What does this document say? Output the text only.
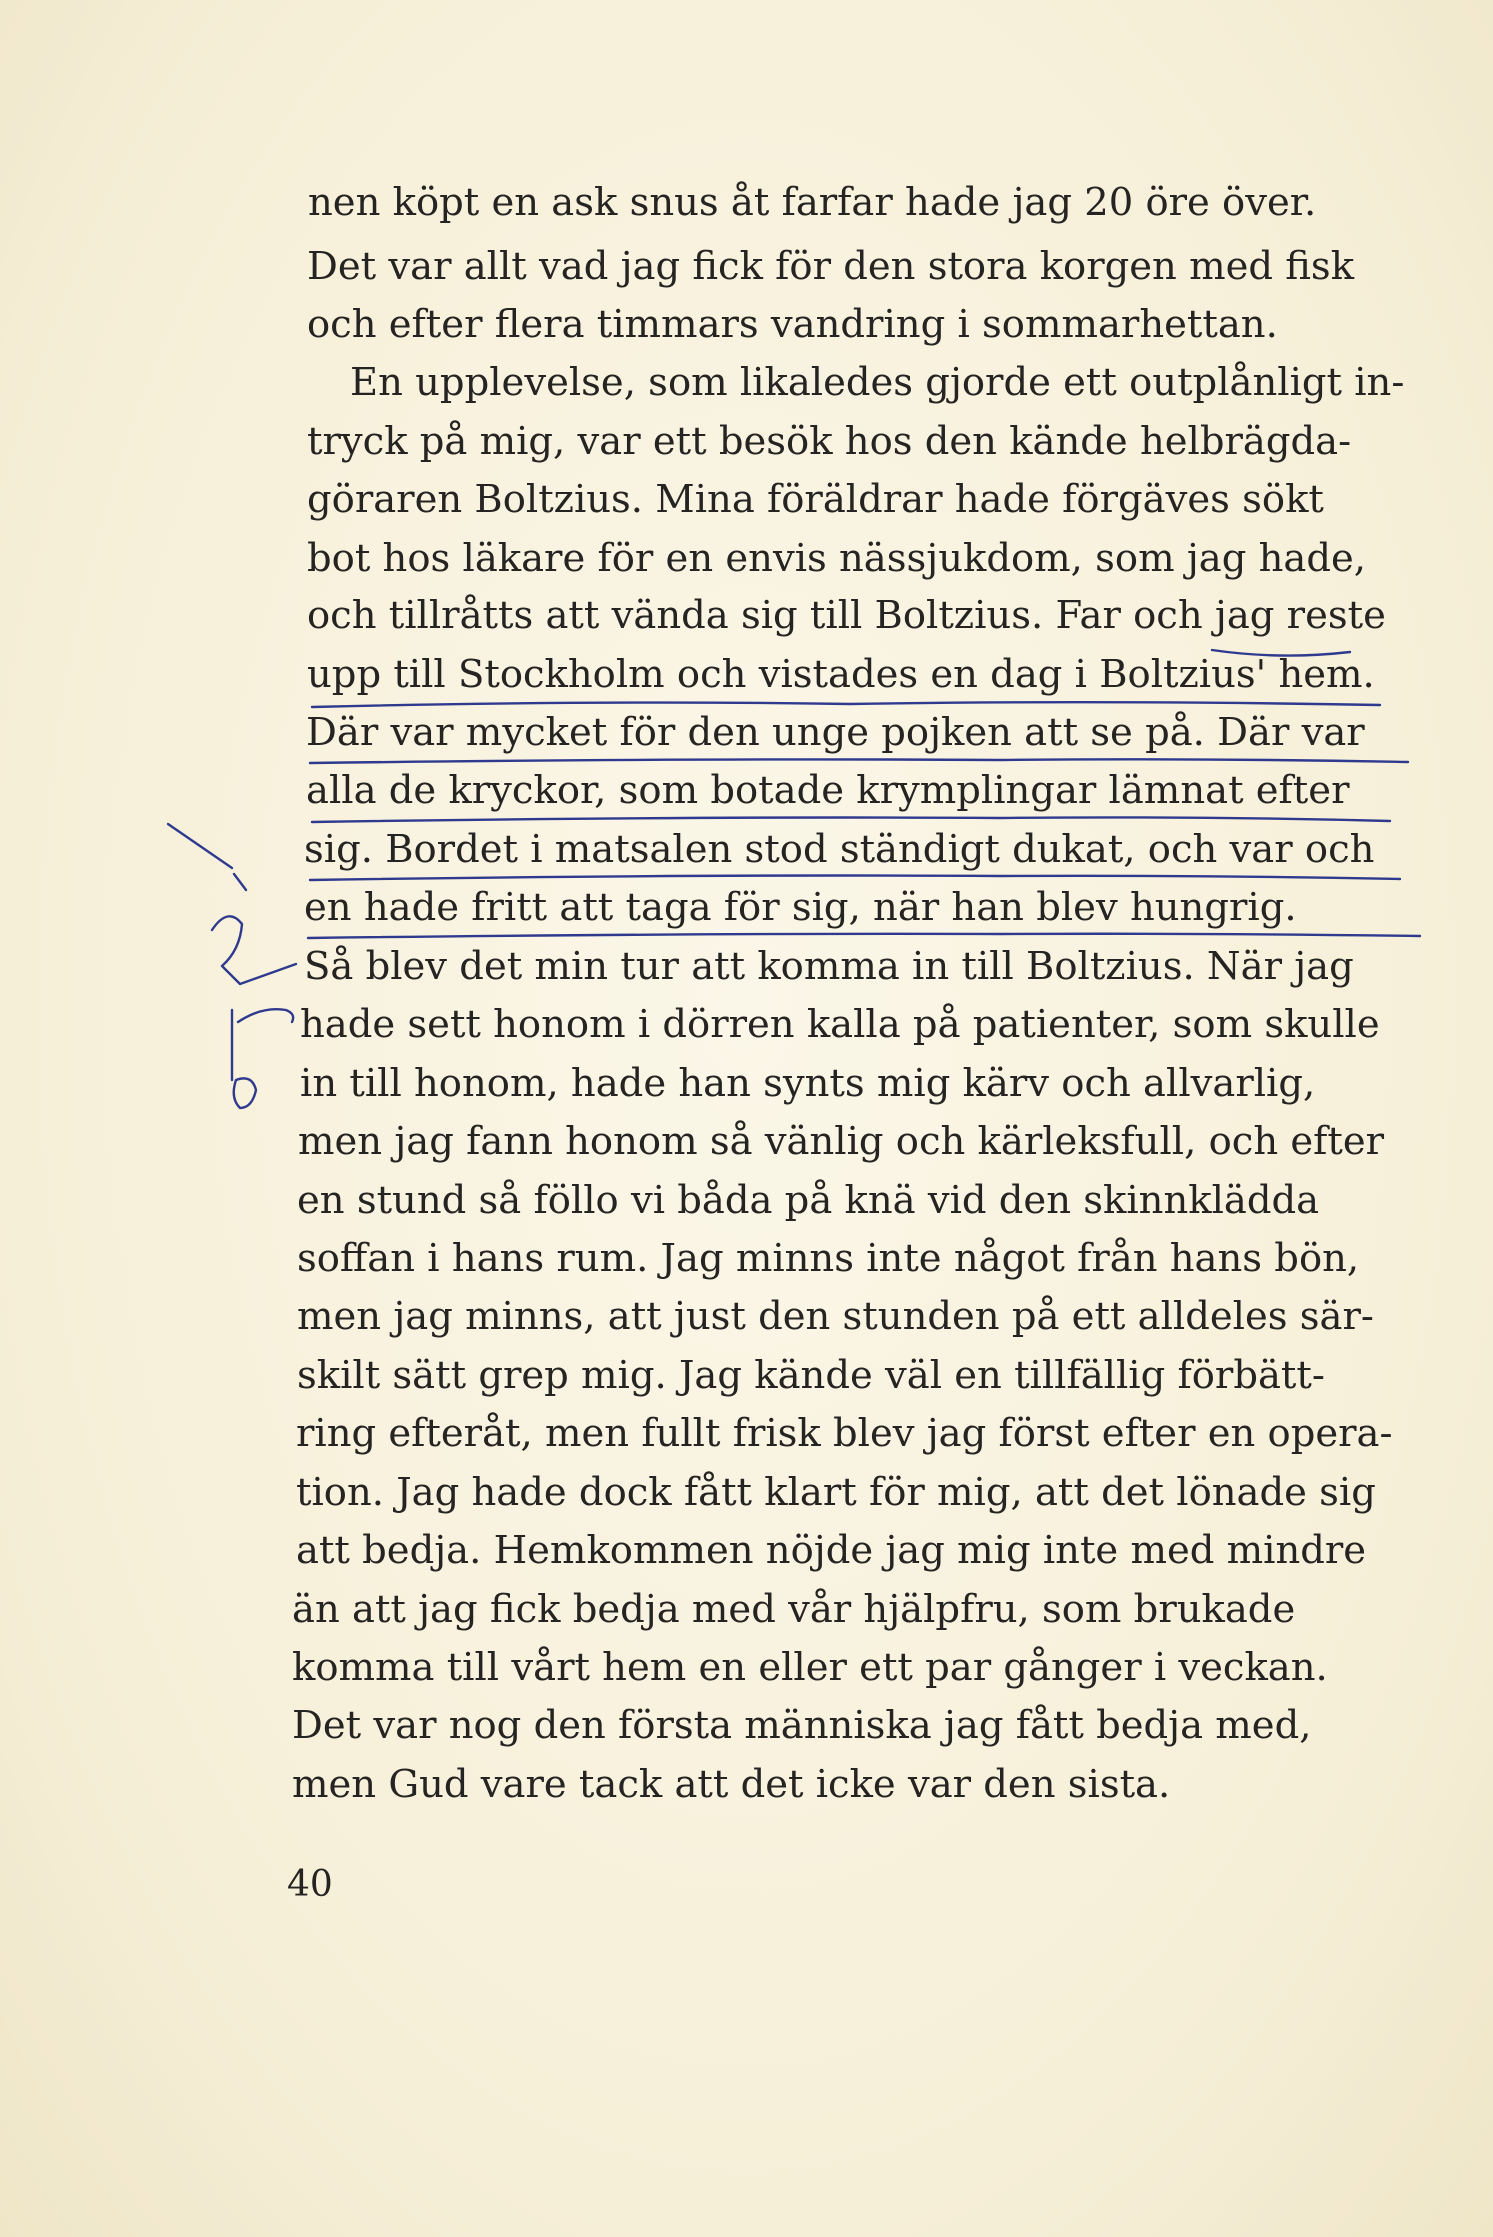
nen köpt en ask snus åt farfar hade jag 20 öre över.
Det var allt vad jag fick för den stora korgen med fisk
och efter flera timmars vandring i sommarhettan.
En upplevelse, som likaledes gjorde ett outplånligt in-
tryck på mig, var ett besök hos den kände helbrägda-
göraren Boltzius. Mina föräldrar hade förgäves sökt
bot hos läkare för en envis nässjukdom, som jag hade,
och tillråtts att vända sig till Boltzius. Far och jag reste
upp till Stockholm och vistades en dag i Boltzius' hem.
Där var mycket för den unge pojken att se på. Där var
alla de kryckor, som botade krymplingar lämnat efter
sig. Bordet i matsalen stod ständigt dukat, och var och
en hade fritt att taga för sig, när han blev hungrig.
Så blev det min tur att komma in till Boltzius. När jag
hade sett honom i dörren kalla på patienter, som skulle
in till honom, hade han synts mig kärv och allvarlig,
men jag fann honom så vänlig och kärleksfull, och efter
en stund så föllo vi båda på knä vid den skinnklädda
soffan i hans rum. Jag minns inte något från hans bön,
men jag minns, att just den stunden på ett alldeles sär-
skilt sätt grep mig. Jag kände väl en tillfällig förbätt-
ring efteråt, men fullt frisk blev jag först efter en opera-
tion. Jag hade dock fått klart för mig, att det lönade sig
att bedja. Hemkommen nöjde jag mig inte med mindre
än att jag fick bedja med vår hjälpfru, som brukade
komma till vårt hem en eller ett par gånger i veckan.
Det var nog den första människa jag fått bedja med,
men Gud vare tack att det icke var den sista.
40
